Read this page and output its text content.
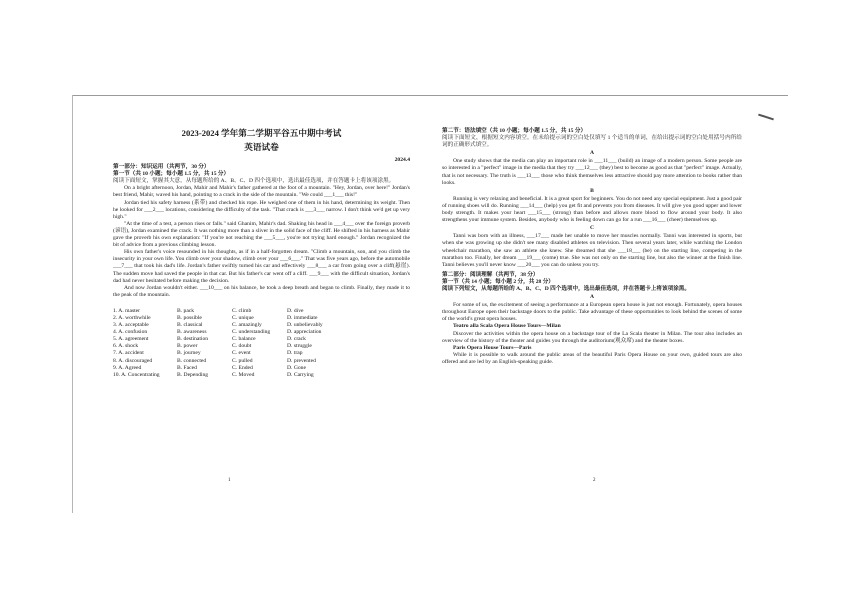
2023-2024 学年第二学期平谷五中期中考试
英语试卷
2024.4

第一部分：知识运用（共两节，30 分）

第一节（共 10 小题；每小题 1.5 分，共 15 分）

阅读下面短文，掌握其大意，从每题所给的 A、B、C、D 四个选项中，选出最佳选项，并在答题卡上将该项涂黑。

On a bright afternoon, Jordan, Mahir and Mahir's father gathered at the foot of a mountain. "Hey, Jordan, over here!" Jordan's best friend, Mahir, waved his hand, pointing to a crack in the side of the mountain. "We could ___1___ this!"

Jordan tied his safety harness (系带) and checked his rope. He weighed one of them in his hand, determining its weight. Then he looked for ___2___ locations, considering the difficulty of the task. "That crack is ___3___ narrow. I don't think we'd get up very high."

"At the time of a test, a person rises or falls." said Ghanim, Mahir's dad. Shaking his head in ___4___ over the foreign proverb (谚语), Jordan examined the crack. It was nothing more than a sliver in the solid face of the cliff. He shifted in his harness as Mahir gave the proverb his own explanation: "If you're not reaching the ___5___, you're not trying hard enough." Jordan recognized the bit of advice from a previous climbing lesson.

His own father's voice resounded in his thoughts, as if in a half-forgotten dream. "Climb a mountain, son, and you climb the insecurity in your own life. You climb over your shadow, climb over your ___6___." That was five years ago, before the automobile ___7___ that took his dad's life. Jordan's father swiftly turned his car and effectively ___8___ a car from going over a cliff(悬崖). The sudden move had saved the people in that car. But his father's car went off a cliff. ___9___ with the difficult situation, Jordan's dad had never hesitated before making the decision.

And now Jordan wouldn't either. ___10___ on his balance, he took a deep breath and began to climb. Finally, they made it to the peak of the mountain.

1. A. master	B. pack	C. climb	D. dive
2. A. worthwhile	B. possible	C. unique	D. immediate
3. A. acceptable	B. classical	C. amazingly	D. unbelievably
4. A. confusion	B. awareness	C. understanding	D. appreciation
5. A. agreement	B. destination	C. balance	D. crack
6. A. shock	B. power	C. doubt	D. struggle
7. A. accident	B. journey	C. event	D. trap
8. A. discouraged	B. connected	C. pulled	D. prevented
9. A. Agreed	B. Faced	C. Ended	D. Gone
10. A. Concentrating	B. Depending	C. Moved	D. Carrying
1

第二节：语法填空（共 10 小题；每小题 1.5 分，共 15 分）

阅读下面短文，根据短文内容填空。在未给提示词的空白处仅填写 1 个适当的单词，在给出提示词的空白处用括号内所给词的正确形式填空。

A

One study shows that the media can play an important role in ___11___ (build) an image of a modern person. Some people are so interested in a "perfect" image in the media that they try ___12___ (they) best to become as good as that "perfect" image. Actually, that is not necessary. The truth is ___13___ those who think themselves less attractive should pay more attention to books rather than looks.

B

Running is very relaxing and beneficial. It is a great sport for beginners. You do not need any special equipment. Just a good pair of running shoes will do. Running ___14___ (help) you get fit and prevents you from diseases. It will give you good upper and lower body strength. It makes your heart ___15___ (strong) than before and allows more blood to flow around your body. It also strengthens your immune system. Besides, anybody who is feeling down can go for a run ___16___ (cheer) themselves up.

C

Tanni was born with an illness, ___17___ made her unable to move her muscles normally. Tanni was interested in sports, but when she was growing up she didn't see many disabled athletes on television. Then several years later, while watching the London wheelchair marathon, she saw an athlete she knew. She dreamed that she ___18___ (be) on the starting line, competing in the marathon too. Finally, her dream ___19___ (come) true. She was not only on the starting line, but also the winner at the finish line. Tanni believes you'll never know ___20___ you can do unless you try.

第二部分：阅读理解（共两节，38 分）

第一节（共 14 小题；每小题 2 分，共 28 分）

阅读下列短文，从每题所给的 A、B、C、D 四个选项中，选出最佳选项，并在答题卡上将该项涂黑。

A

For some of us, the excitement of seeing a performance at a European opera house is just not enough. Fortunately, opera houses throughout Europe open their backstage doors to the public. Take advantage of these opportunities to look behind the scenes of some of the world's great opera houses.

Teatro alla Scala Opera House Tours—Milan

Discover the activities within the opera house on a backstage tour of the La Scala theater in Milan. The tour also includes an overview of the history of the theater and guides you through the auditorium(观众席) and the theater boxes.

Paris Opera House Tours—Paris

While it is possible to walk around the public areas of the beautiful Paris Opera House on your own, guided tours are also offered and are led by an English-speaking guide.

2
